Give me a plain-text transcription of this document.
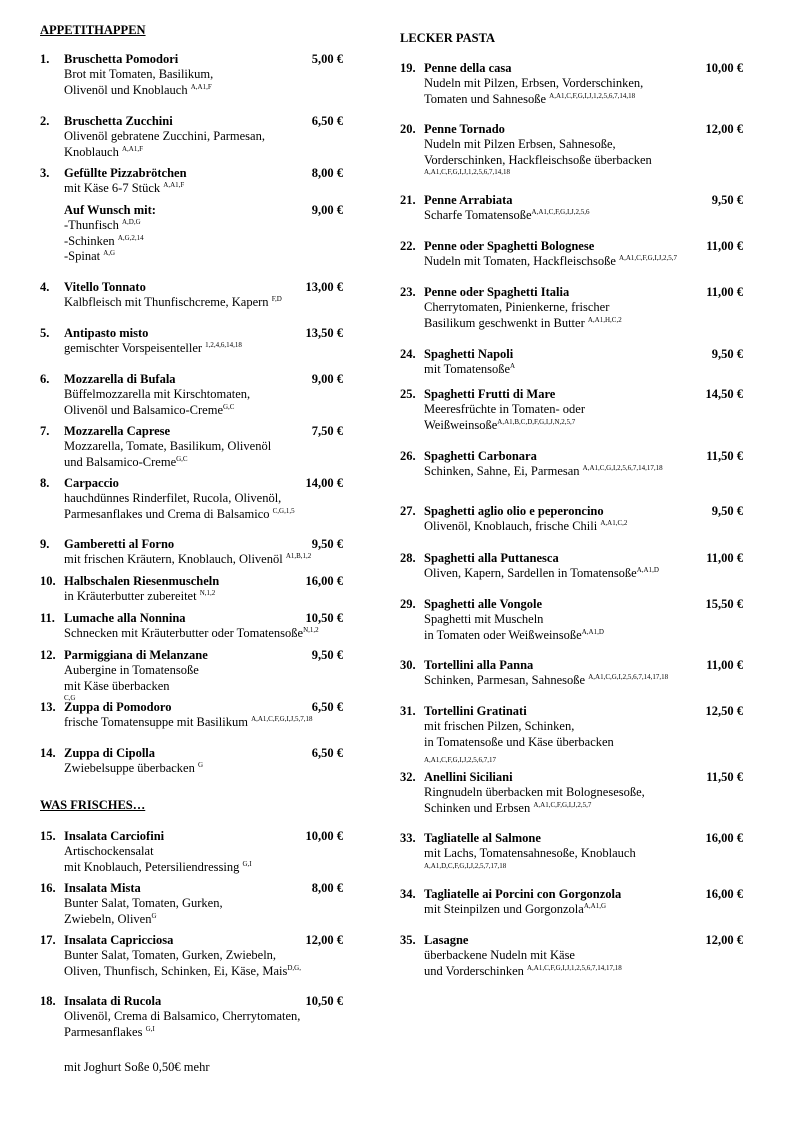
APPETITHAPPEN
WAS FRISCHES…
LECKER PASTA
mit Joghurt Soße 0,50€ mehr
1. Bruschetta Pomodori	5,00 €
Brot mit Tomaten, Basilikum,
Olivenöl und Knoblauch $^{A,A1,F}$
2. Bruschetta Zucchini	6,50 €
Olivenöl gebratene Zucchini, Parmesan,
Knoblauch $^{A,A1,F}$
3. Gefüllte Pizzabrötchen	8,00 €
mit Käse 6-7 Stück $^{A,A1,F}$
Auf Wunsch mit:	9,00 €
-Thunfisch $^{A,D,G}$
-Schinken $^{A,G,2,14}$
-Spinat $^{A,G}$
4. Vitello Tonnato	13,00 €
Kalbfleisch mit Thunfischcreme, Kapern $^{F,D}$
5. Antipasto misto	13,50 €
gemischter Vorspeisenteller $^{1,2,4,6,14,18}$
6. Mozzarella di Bufala	9,00 €
Büffelmozzarella mit Kirschtomaten,
Olivenöl und Balsamico-Creme$^{G,C}$
7. Mozzarella Caprese	7,50 €
Mozzarella, Tomate, Basilikum, Olivenöl
und Balsamico-Creme$^{G,C}$
8. Carpaccio	14,00 €
hauchdünnes Rinderfilet, Rucola, Olivenöl,
Parmesanflakes und Crema di Balsamico $^{C,G,1,5}$
9. Gamberetti al Forno	9,50 €
mit frischen Kräutern, Knoblauch, Olivenöl $^{A1,B,1,2}$
10. Halbschalen Riesenmuscheln	16,00 €
in Kräuterbutter zubereitet $^{N,1,2}$
11. Lumache alla Nonnina	10,50 €
Schnecken mit Kräuterbutter oder Tomatensoße$^{N,1,2}$
12. Parmiggiana di Melanzane	9,50 €
Aubergine in Tomatensoße
mit Käse überbacken
C,G
13. Zuppa di Pomodoro	6,50 €
frische Tomatensuppe mit Basilikum $^{A,A1,C,F,G,I,J,5,7,18}$
14. Zuppa di Cipolla	6,50 €
Zwiebelsuppe überbacken $^G$
15. Insalata Carciofini	10,00 €
Artischockensalat
mit Knoblauch, Petersiliendressing $^{G,I}$
16. Insalata Mista	8,00 €
Bunter Salat, Tomaten, Gurken,
Zwiebeln, Oliven$^G$
17. Insalata Capricciosa	12,00 €
Bunter Salat, Tomaten, Gurken, Zwiebeln,
Oliven, Thunfisch, Schinken, Ei, Käse, Mais$^{D,G,}$
18. Insalata di Rucola	10,50 €
Olivenöl, Crema di Balsamico, Cherrytomaten,
Parmesanflakes $^{G,I}$
19. Penne della casa	10,00 €
Nudeln mit Pilzen, Erbsen, Vorderschinken,
Tomaten und Sahnesoße $^{A,A1,C,F,G,I,J,1,2,5,6,7,14,18}$
20. Penne Tornado	12,00 €
Nudeln mit Pilzen Erbsen, Sahnesoße,
Vorderschinken, Hackfleischsoße überbacken
A,A1,C,F,G,I,J,1,2,5,6,7,14,18
21. Penne Arrabiata	9,50 €
Scharfe Tomatensoße$^{A,A1,C,F,G,I,J,2,5,6}$
22. Penne oder Spaghetti Bolognese	11,00 €
Nudeln mit Tomaten, Hackfleischsoße $^{A,A1,C,F,G,I,J,2,5,7}$
23. Penne oder Spaghetti Italia	11,00 €
Cherrytomaten, Pinienkerne, frischer
Basilikum geschwenkt in Butter $^{A,A1,H,C,2}$
24. Spaghetti Napoli	9,50 €
mit Tomatensoße$^A$
25. Spaghetti Frutti di Mare	14,50 €
Meeresfrüchte in Tomaten- oder
Weißweinsoße$^{A,A1,B,C,D,F,G,I,J,N,2,5,7}$
26. Spaghetti Carbonara	11,50 €
Schinken, Sahne, Ei, Parmesan $^{A,A1,C,G,I,2,5,6,7,14,17,18}$
27. Spaghetti aglio olio e peperoncino	9,50 €
Olivenöl, Knoblauch, frische Chili $^{A,A1,C,2}$
28. Spaghetti alla Puttanesca	11,00 €
Oliven, Kapern, Sardellen in Tomatensoße$^{A,A1,D}$
29. Spaghetti alle Vongole	15,50 €
Spaghetti mit Muscheln
in Tomaten oder Weißweinsoße$^{A,A1,D}$
30. Tortellini alla Panna	11,00 €
Schinken, Parmesan, Sahnesoße $^{A,A1,C,G,I,2,5,6,7,14,17,18}$
31. Tortellini Gratinati	12,50 €
mit frischen Pilzen, Schinken,
in Tomatensoße und Käse überbacken
A,A1,C,F,G,I,J,2,5,6,7,17
32. Anellini Siciliani	11,50 €
Ringnudeln überbacken mit Bolognesesoße,
Schinken und Erbsen $^{A,A1,C,F,G,I,J,2,5,7}$
33. Tagliatelle al Salmone	16,00 €
mit Lachs, Tomatensahnesoße, Knoblauch
A,A1,D,C,F,G,I,J,2,5,7,17,18
34. Tagliatelle ai Porcini con Gorgonzola	16,00 €
mit Steinpilzen und Gorgonzola$^{A,A1,G}$
35. Lasagne	12,00 €
überbackene Nudeln mit Käse
und Vorderschinken $^{A,A1,C,F,G,I,J,1,2,5,6,7,14,17,18}$
